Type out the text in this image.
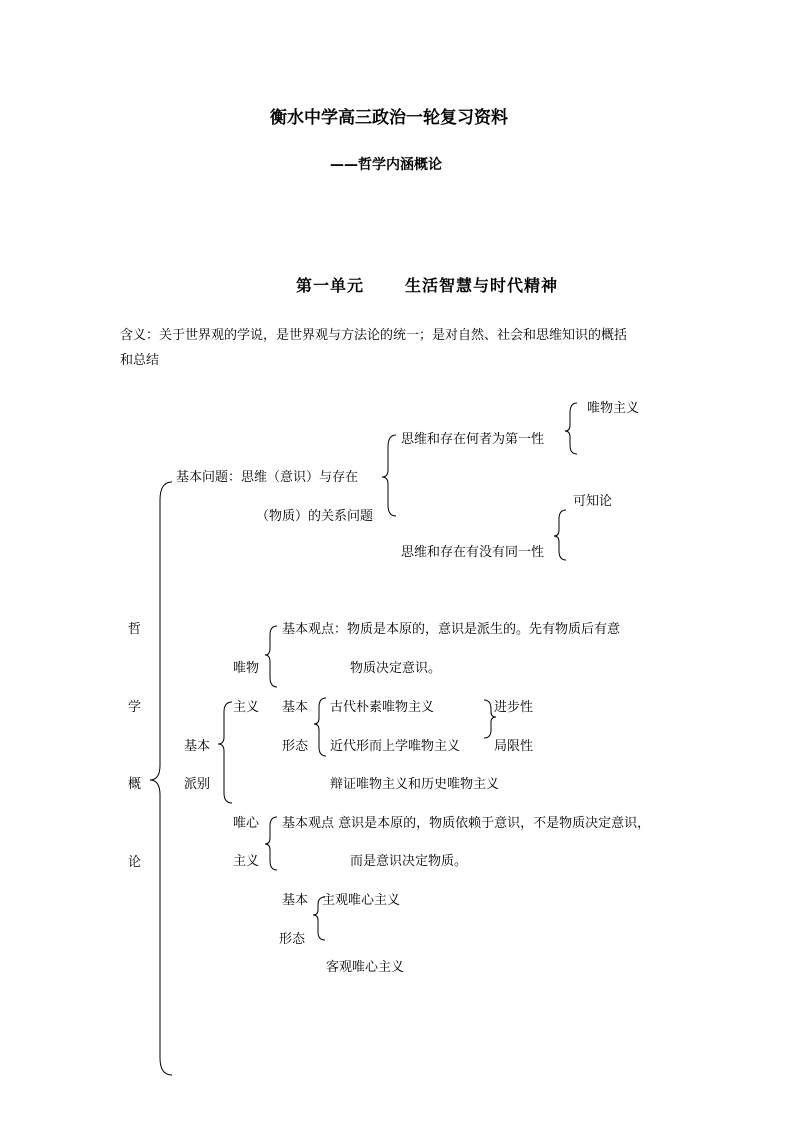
衡水中学高三政治一轮复习资料
——哲学内涵概论
第一单元	生活智慧与时代精神
含义：关于世界观的学说，是世界观与方法论的统一；是对自然、社会和思维知识的概括
和总结
基本问题：思维（意识）与存在
（物质）的关系问题
思维和存在何者为第一性
唯物主义
可知论
思维和存在有没有同一性
哲
学
概
论
基本观点：物质是本原的，意识是派生的。先有物质后有意
物质决定意识。
唯物
主义 基本
形态
古代朴素唯物主义
近代形而上学唯物主义
辩证唯物主义和历史唯物主义
进步性
局限性
基本
派别
唯心
主义
基本观点 意识是本原的，物质依赖于意识，不是物质决定意识，
而是意识决定物质。
基本
形态
主观唯心主义
客观唯心主义
